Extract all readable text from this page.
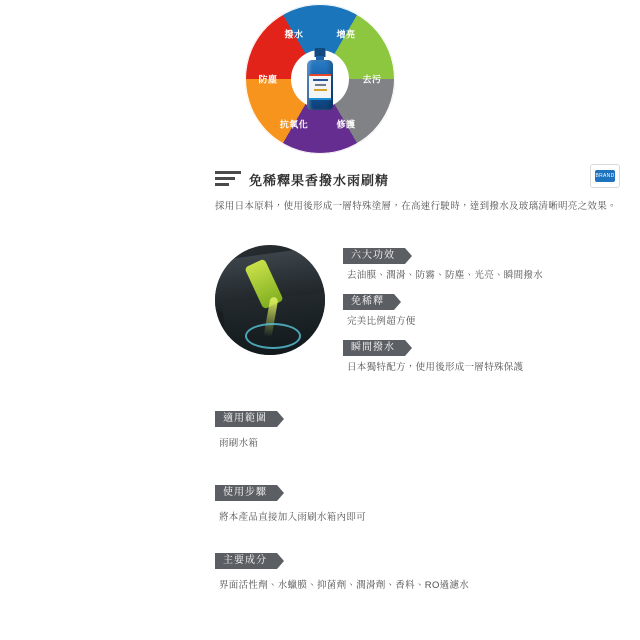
增亮
去污
修護
抗氧化
防塵
撥水
免稀釋果香撥水雨刷精	BRAND
採用日本原料，使用後形成一層特殊塗層，在高速行駛時，達到撥水及玻璃清晰明亮之效果。
六大功效
去油膜、潤滑、防霧、防塵、光亮、瞬間撥水
免稀釋
完美比例超方便
瞬間撥水
日本獨特配方，使用後形成一層特殊保護
適用範圍
雨刷水箱
使用步驟
將本產品直接加入雨刷水箱內即可
主要成分
界面活性劑、水蠟膜、抑菌劑、潤滑劑、香料、RO過濾水
